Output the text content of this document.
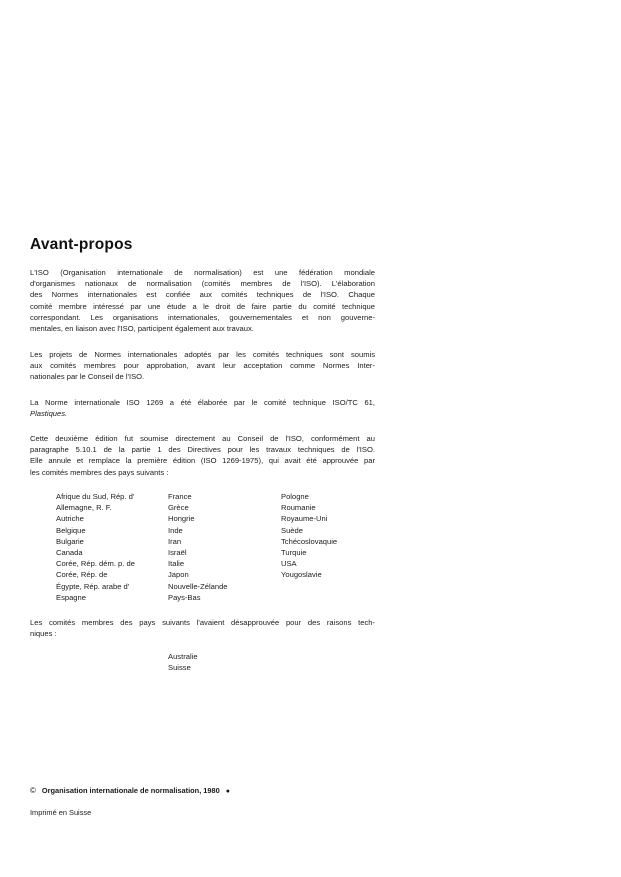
Avant-propos
L'ISO (Organisation internationale de normalisation) est une fédération mondiale
d'organismes nationaux de normalisation (comités membres de l'ISO). L'élaboration
des Normes internationales est confiée aux comités techniques de l'ISO. Chaque
comité membre intéressé par une étude a le droit de faire partie du comité technique
correspondant. Les organisations internationales, gouvernementales et non gouverne-
mentales, en liaison avec l'ISO, participent également aux travaux.
Les projets de Normes internationales adoptés par les comités techniques sont soumis
aux comités membres pour approbation, avant leur acceptation comme Normes Inter-
nationales par le Conseil de l'ISO.
La Norme internationale ISO 1269 a été élaborée par le comité technique ISO/TC 61,
Plastiques.
Cette deuxième édition fut soumise directement au Conseil de l'ISO, conformément au
paragraphe 5.10.1 de la partie 1 des Directives pour les travaux techniques de l'ISO.
Elle annule et remplace la première édition (ISO 1269-1975), qui avait été approuvée par
les comités membres des pays suivants :
Afrique du Sud, Rép. d'
Allemagne, R. F.
Autriche
Belgique
Bulgarie
Canada
Corée, Rép. dém. p. de
Corée, Rép. de
Égypte, Rép. arabe d'
Espagne
France
Grèce
Hongrie
Inde
Iran
Israël
Italie
Japon
Nouvelle-Zélande
Pays-Bas
Pologne
Roumanie
Royaume-Uni
Suède
Tchécoslovaquie
Turquie
USA
Yougoslavie
Les comités membres des pays suivants l'avaient désapprouvée pour des raisons tech-
niques :
Australie
Suisse
© Organisation internationale de normalisation, 1980 ●
Imprimé en Suisse
